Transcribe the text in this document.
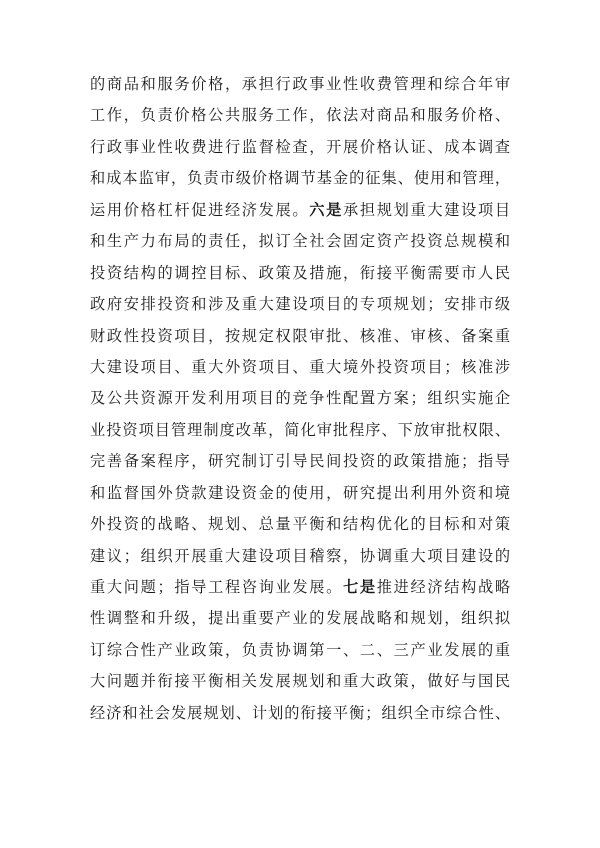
的商品和服务价格，承担行政事业性收费管理和综合年审
工作，负责价格公共服务工作，依法对商品和服务价格、
行政事业性收费进行监督检查，开展价格认证、成本调查
和成本监审，负责市级价格调节基金的征集、使用和管理，
运用价格杠杆促进经济发展。六是承担规划重大建设项目
和生产力布局的责任，拟订全社会固定资产投资总规模和
投资结构的调控目标、政策及措施，衔接平衡需要市人民
政府安排投资和涉及重大建设项目的专项规划；安排市级
财政性投资项目，按规定权限审批、核准、审核、备案重
大建设项目、重大外资项目、重大境外投资项目；核准涉
及公共资源开发利用项目的竞争性配置方案；组织实施企
业投资项目管理制度改革，简化审批程序、下放审批权限、
完善备案程序，研究制订引导民间投资的政策措施；指导
和监督国外贷款建设资金的使用，研究提出利用外资和境
外投资的战略、规划、总量平衡和结构优化的目标和对策
建议；组织开展重大建设项目稽察，协调重大项目建设的
重大问题；指导工程咨询业发展。七是推进经济结构战略
性调整和升级，提出重要产业的发展战略和规划，组织拟
订综合性产业政策，负责协调第一、二、三产业发展的重
大问题并衔接平衡相关发展规划和重大政策，做好与国民
经济和社会发展规划、计划的衔接平衡；组织全市综合性、
